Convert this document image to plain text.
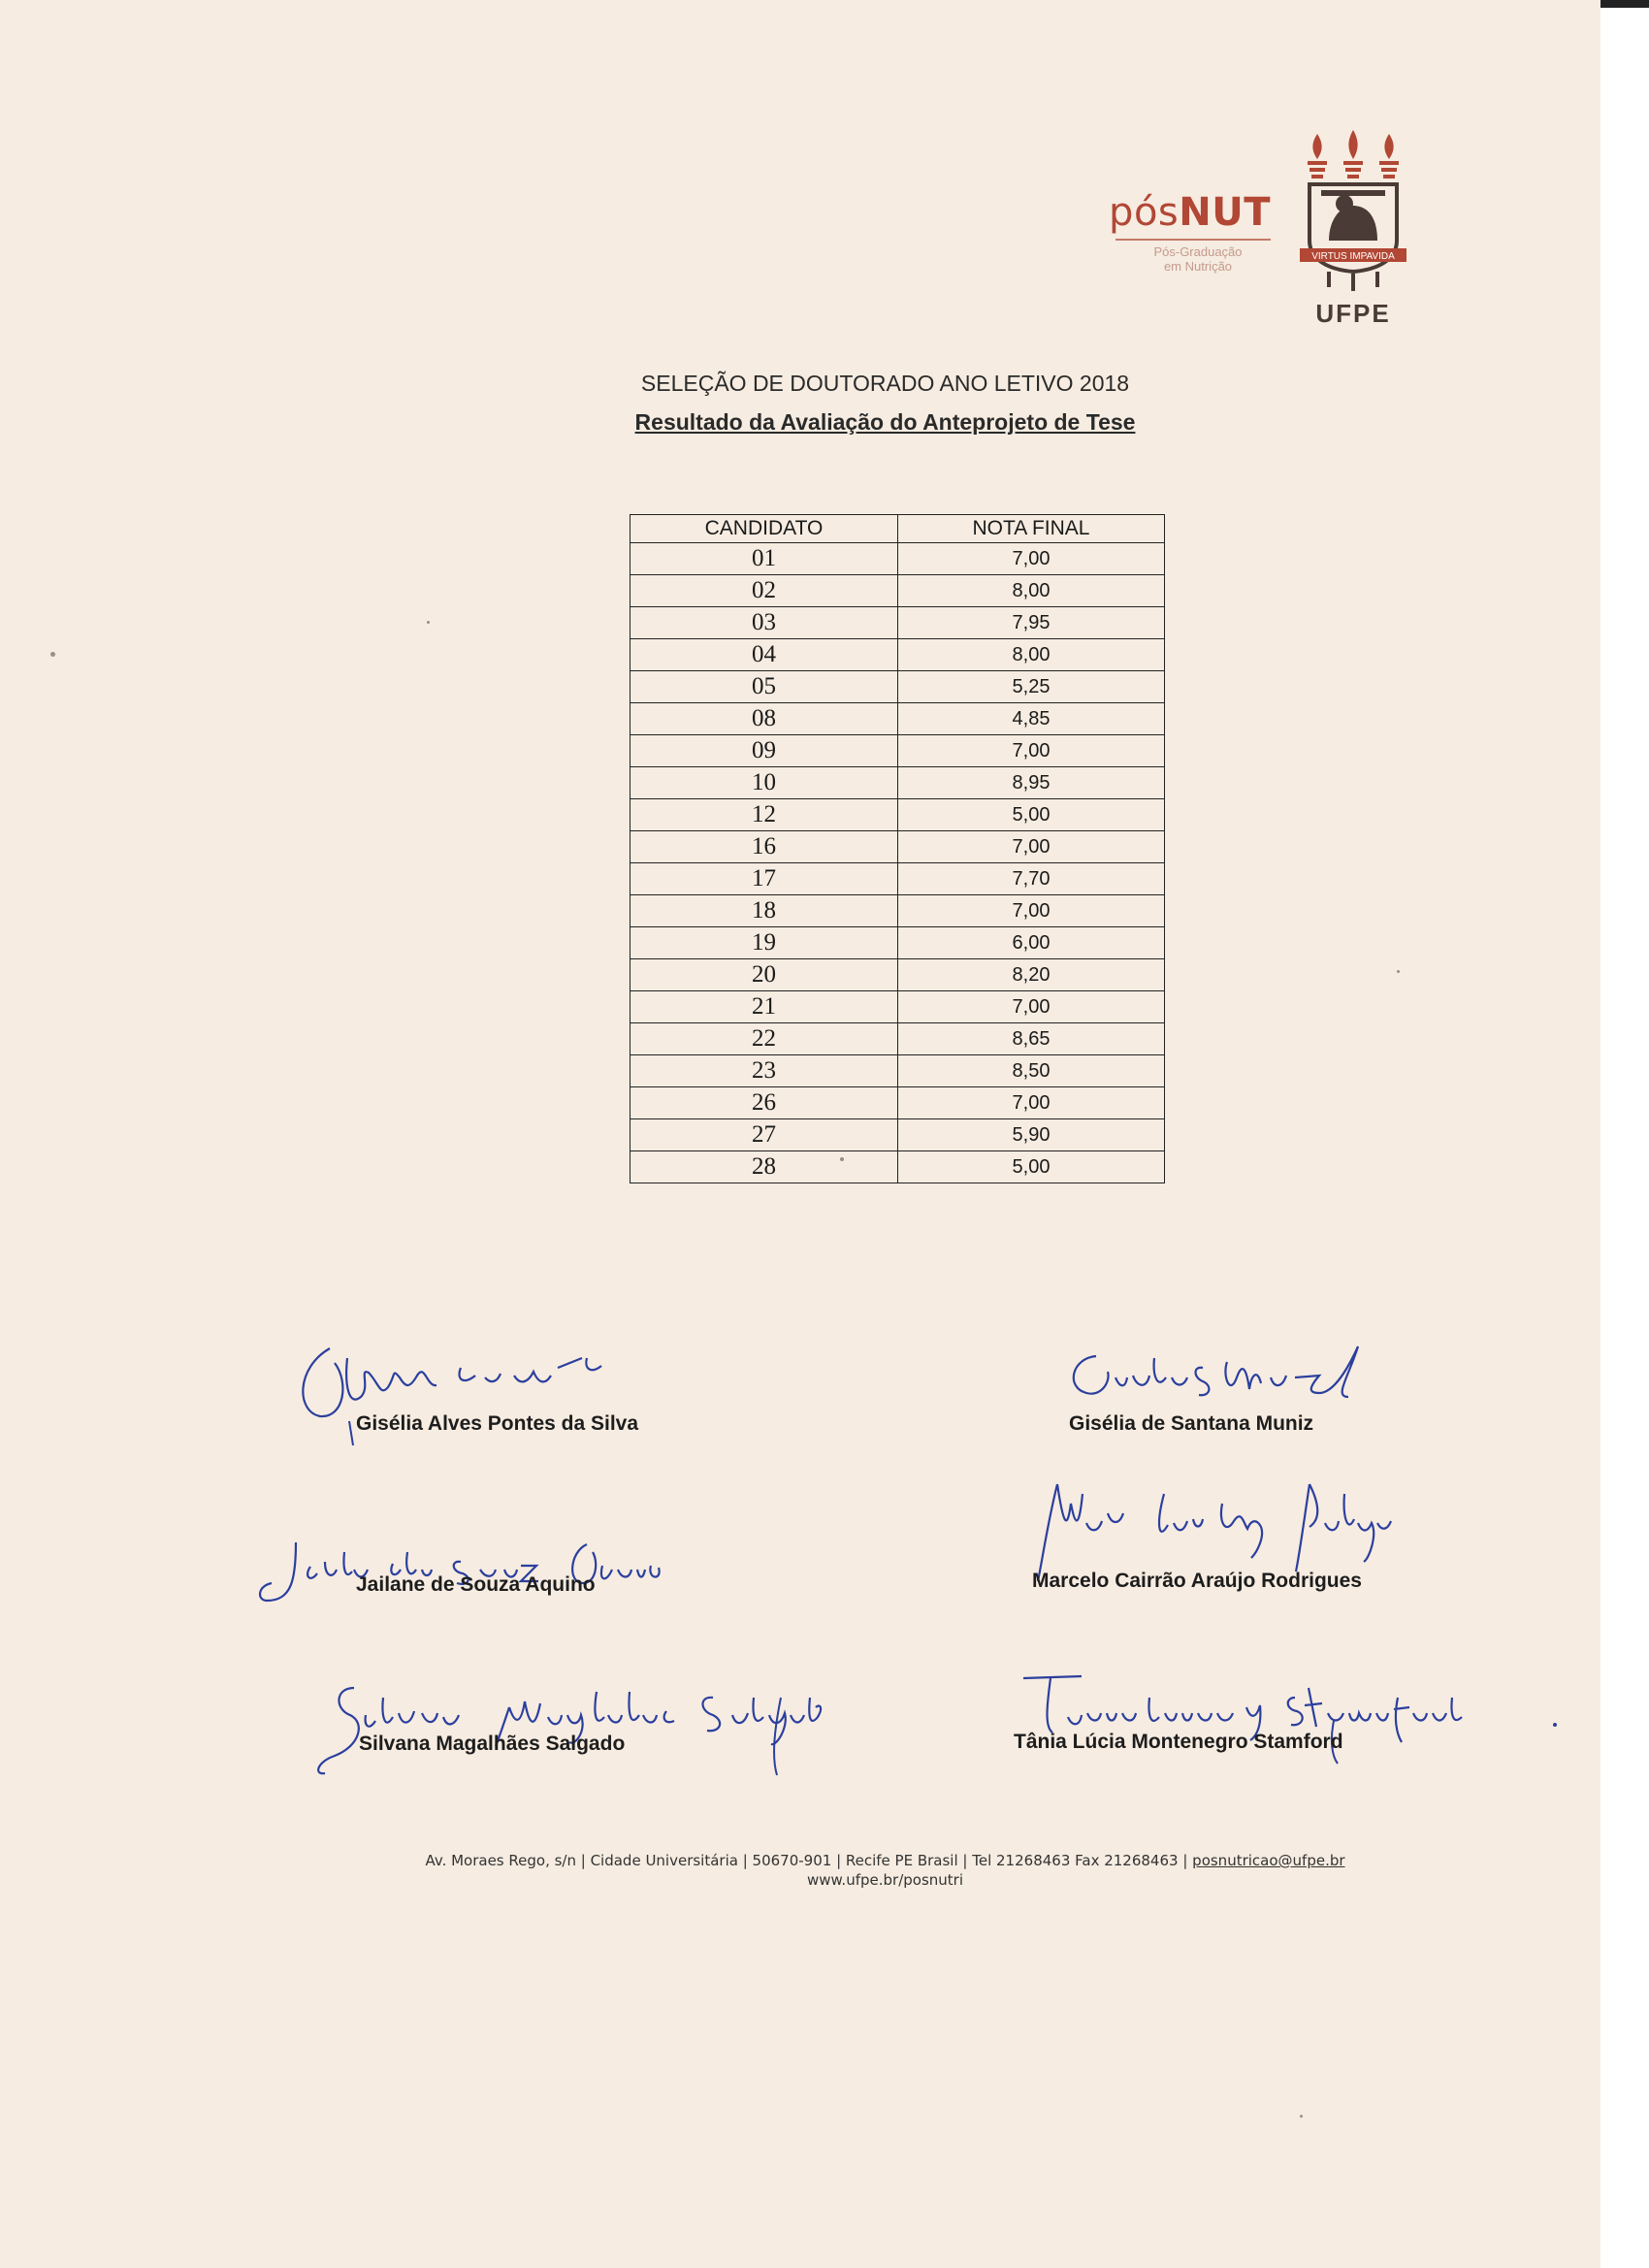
pósNUT
Pós-Graduação
em Nutrição
VIRTUS IMPAVIDA
UFPE
SELEÇÃO DE DOUTORADO ANO LETIVO 2018
Resultado da Avaliação do Anteprojeto de Tese
CANDIDATO	NOTA FINAL
01	7,00
02	8,00
03	7,95
04	8,00
05	5,25
08	4,85
09	7,00
10	8,95
12	5,00
16	7,00
17	7,70
18	7,00
19	6,00
20	8,20
21	7,00
22	8,65
23	8,50
26	7,00
27	5,90
28	5,00
Gisélia Alves Pontes da Silva	Gisélia de Santana Muniz
Jailane de Souza Aquino	Marcelo Cairrão Araújo Rodrigues
Silvana Magalhães Salgado	Tânia Lúcia Montenegro Stamford
Av. Moraes Rego, s/n | Cidade Universitária | 50670-901 | Recife PE Brasil | Tel 21268463 Fax 21268463 | posnutricao@ufpe.br
www.ufpe.br/posnutri
